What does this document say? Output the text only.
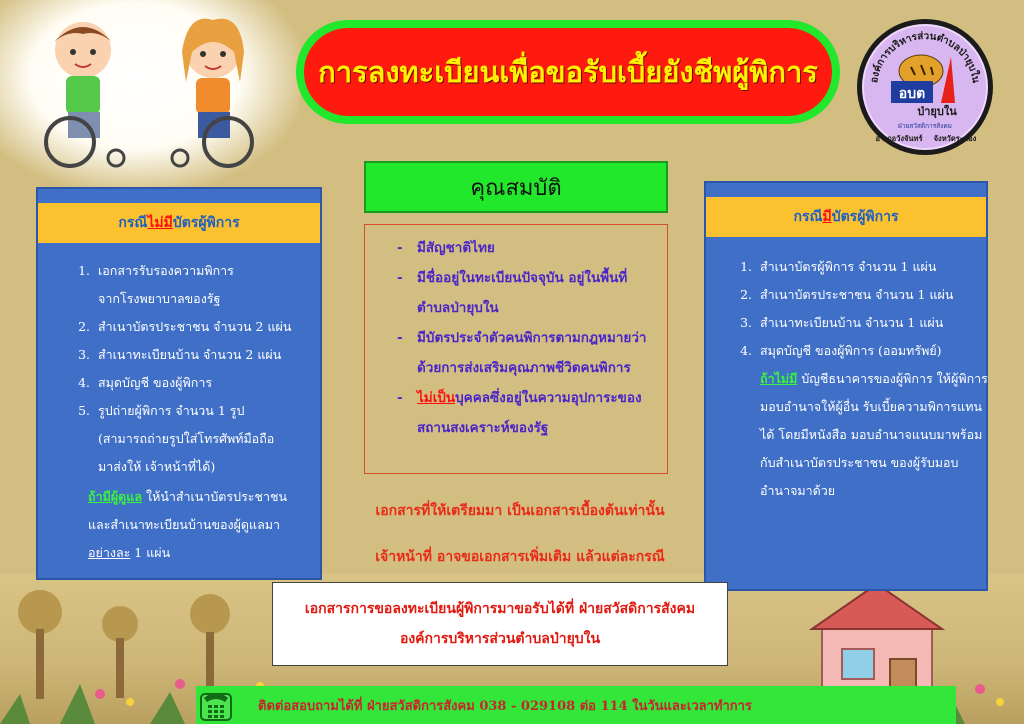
การลงทะเบียนเพื่อขอรับเบี้ยยังชีพผู้พิการ	องค์การบริหารส่วนตำบลป่ายุบใน
อบต
ป่ายุบใน
ฝ่ายสวัสดิการสังคม
อำเภอวังจันทร์ จังหวัดระยอง
กรณี ไม่มี บัตรผู้พิการ
1. เอกสารรับรองความพิการ
จากโรงพยาบาลของรัฐ
2. สำเนาบัตรประชาชน จำนวน 2 แผ่น
3. สำเนาทะเบียนบ้าน จำนวน 2 แผ่น
4. สมุดบัญชี ของผู้พิการ
5. รูปถ่ายผู้พิการ จำนวน 1 รูป
(สามารถถ่ายรูปใส่โทรศัพท์มือถือ
มาส่งให้ เจ้าหน้าที่ได้)
ถ้ามีผู้ดูแล ให้นำสำเนาบัตรประชาชน
และสำเนาทะเบียนบ้านของผู้ดูแลมา
อย่างละ 1 แผ่น
กรณี มี บัตรผู้พิการ
1. สำเนาบัตรผู้พิการ จำนวน 1 แผ่น
2. สำเนาบัตรประชาชน จำนวน 1 แผ่น
3. สำเนาทะเบียนบ้าน จำนวน 1 แผ่น
4. สมุดบัญชี ของผู้พิการ (ออมทรัพย์)
ถ้าไม่มี บัญชีธนาคารของผู้พิการ ให้ผู้พิการ
มอบอำนาจให้ผู้อื่น รับเบี้ยความพิการแทน
ได้ โดยมีหนังสือ มอบอำนาจแนบมาพร้อม
กับสำเนาบัตรประชาชน ของผู้รับมอบ
อำนาจมาด้วย
คุณสมบัติ
- มีสัญชาติไทย
- มีชื่ออยู่ในทะเบียนปัจจุบัน อยู่ในพื้นที่
ตำบลป่ายุบใน
- มีบัตรประจำตัวคนพิการตามกฎหมายว่า
ด้วยการส่งเสริมคุณภาพชีวิตคนพิการ
- ไม่เป็นบุคคลซึ่งอยู่ในความอุปการะของ
สถานสงเคราะห์ของรัฐ
เอกสารที่ให้เตรียมมา เป็นเอกสารเบื้องต้นเท่านั้น
เจ้าหน้าที่ อาจขอเอกสารเพิ่มเติม แล้วแต่ละกรณี
เอกสารการขอลงทะเบียนผู้พิการมาขอรับได้ที่ ฝ่ายสวัสดิการสังคม
องค์การบริหารส่วนตำบลป่ายุบใน
ติดต่อสอบถามได้ที่ ฝ่ายสวัสดิการสังคม 038 - 029108 ต่อ 114 ในวันและเวลาทำการ
